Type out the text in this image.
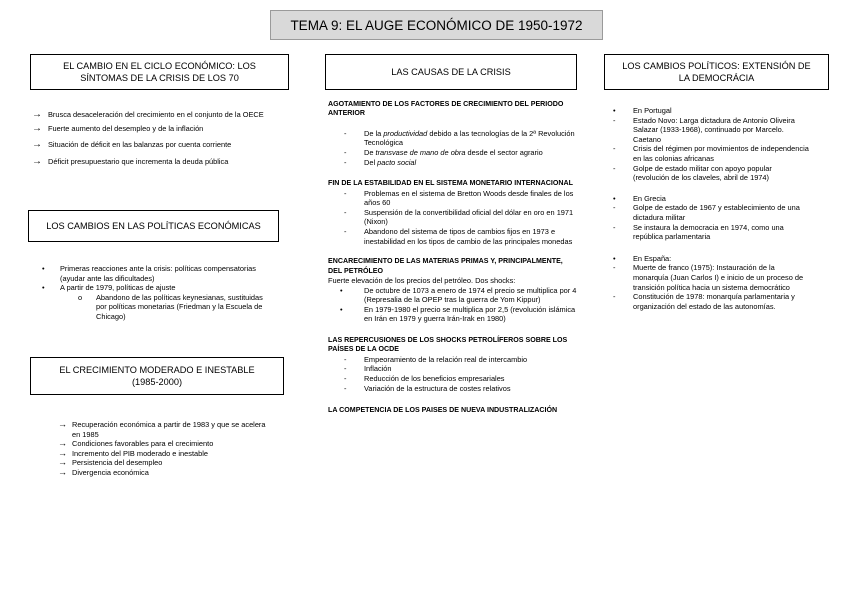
TEMA 9: EL AUGE ECONÓMICO DE 1950-1972
EL CAMBIO EN EL CICLO ECONÓMICO: LOS
SÍNTOMAS DE LA CRISIS DE LOS 70
→ Brusca desaceleración del crecimiento en el conjunto de la OECE
→ Fuerte aumento del desempleo y de la inflación
→ Situación de déficit en las balanzas por cuenta corriente
→ Déficit presupuestario que incrementa la deuda pública
LOS CAMBIOS EN LAS POLÍTICAS ECONÓMICAS
•	Primeras reacciones ante la crisis: políticas compensatorias (ayudar ante las dificultades)
•	A partir de 1979, políticas de ajuste
o	Abandono de las políticas keynesianas, sustituidas por políticas monetarias (Friedman y la Escuela de Chicago)
EL CRECIMIENTO MODERADO E INESTABLE
(1985-2000)
→ Recuperación económica a partir de 1983 y que se acelera en 1985
→ Condiciones favorables para el crecimiento
→ Incremento del PIB moderado e inestable
→ Persistencia del desempleo
→ Divergencia económica
LAS CAUSAS DE LA CRISIS
AGOTAMIENTO DE LOS FACTORES DE CRECIMIENTO DEL PERIODO ANTERIOR
-	De la productividad debido a las tecnologías de la 2ª Revolución Tecnológica
-	De transvase de mano de obra desde el sector agrario
-	Del pacto social
FIN DE LA ESTABILIDAD EN EL SISTEMA MONETARIO INTERNACIONAL
-	Problemas en el sistema de Bretton Woods desde finales de los años 60
-	Suspensión de la convertibilidad oficial del dólar en oro en 1971 (Nixon)
-	Abandono del sistema de tipos de cambios fijos en 1973 e inestabilidad en los tipos de cambio de las principales monedas
ENCARECIMIENTO DE LAS MATERIAS PRIMAS Y, PRINCIPALMENTE, DEL PETRÓLEO
Fuerte elevación de los precios del petróleo. Dos shocks:
•	De octubre de 1073 a enero de 1974 el precio se multiplica por 4 (Represalia de la OPEP tras la guerra de Yom Kippur)
•	En 1979-1980 el precio se multiplica por 2,5 (revolución islámica en Irán en 1979 y guerra Irán-Irak en 1980)
LAS REPERCUSIONES DE LOS SHOCKS PETROLÍFEROS SOBRE LOS PAÍSES DE LA OCDE
-	Empeoramiento de la relación real de intercambio
-	Inflación
-	Reducción de los beneficios empresariales
-	Variación de la estructura de costes relativos
LA COMPETENCIA DE LOS PAISES DE NUEVA INDUSTRALIZACIÓN
LOS CAMBIOS POLÍTICOS: EXTENSIÓN DE
LA DEMOCRÁCIA
•	En Portugal
-	Estado Novo: Larga dictadura de Antonio Oliveira Salazar (1933-1968), continuado por Marcelo. Caetano
-	Crisis del régimen por movimientos de independencia en las colonias africanas
-	Golpe de estado militar con apoyo popular (revolución de los claveles, abril de 1974)
•	En Grecia
-	Golpe de estado de 1967 y establecimiento de una dictadura militar
-	Se instaura la democracia en 1974, como una república parlamentaria
•	En España:
-	Muerte de franco (1975): Instauración de la monarquía (Juan Carlos I) e inicio de un proceso de transición política hacia un sistema democrático
-	Constitución de 1978: monarquía parlamentaria y organización del estado de las autonomías.
